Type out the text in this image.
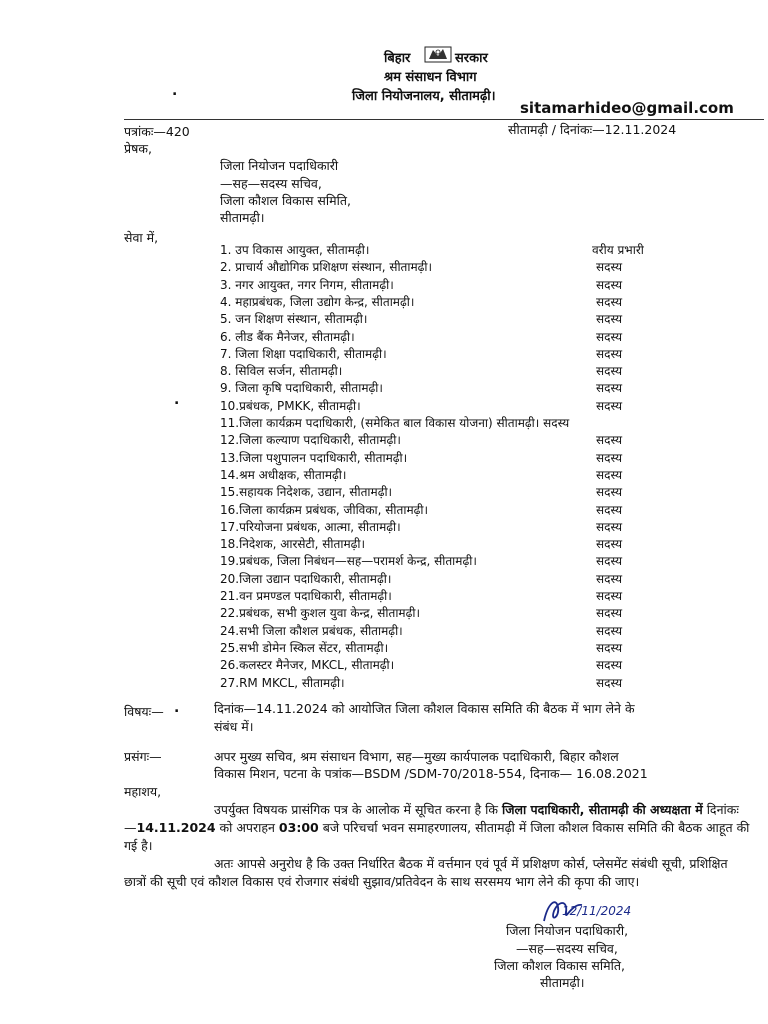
बिहार	सरकार
श्रम संसाधन विभाग
जिला नियोजनालय, सीतामढ़ी।
sitamarhideo@gmail.com
.
पत्रांकः—420	सीतामढ़ी / दिनांकः—12.11.2024
प्रेषक,
जिला नियोजन पदाधिकारी
—सह—सदस्य सचिव,
जिला कौशल विकास समिति,
सीतामढ़ी।
सेवा में,
.
1. उप विकास आयुक्त, सीतामढ़ी।	वरीय प्रभारी
2. प्राचार्य औद्योगिक प्रशिक्षण संस्थान, सीतामढ़ी।	सदस्य
3. नगर आयुक्त, नगर निगम, सीतामढ़ी।	सदस्य
4. महाप्रबंधक, जिला उद्योग केन्द्र, सीतामढ़ी।	सदस्य
5. जन शिक्षण संस्थान, सीतामढ़ी।	सदस्य
6. लीड बैंक मैनेजर, सीतामढ़ी।	सदस्य
7. जिला शिक्षा पदाधिकारी, सीतामढ़ी।	सदस्य
8. सिविल सर्जन, सीतामढ़ी।	सदस्य
9. जिला कृषि पदाधिकारी, सीतामढ़ी।	सदस्य
10.प्रबंधक, PMKK, सीतामढ़ी।	सदस्य
11.जिला कार्यक्रम पदाधिकारी, (समेकित बाल विकास योजना) सीतामढ़ी। सदस्य
12.जिला कल्याण पदाधिकारी, सीतामढ़ी।	सदस्य
13.जिला पशुपालन पदाधिकारी, सीतामढ़ी।	सदस्य
14.श्रम अधीक्षक, सीतामढ़ी।	सदस्य
15.सहायक निदेशक, उद्यान, सीतामढ़ी।	सदस्य
16.जिला कार्यक्रम प्रबंधक, जीविका, सीतामढ़ी।	सदस्य
17.परियोजना प्रबंधक, आत्मा, सीतामढ़ी।	सदस्य
18.निदेशक, आरसेटी, सीतामढ़ी।	सदस्य
19.प्रबंधक, जिला निबंधन—सह—परामर्श केन्द्र, सीतामढ़ी।	सदस्य
20.जिला उद्यान पदाधिकारी, सीतामढ़ी।	सदस्य
21.वन प्रमण्डल पदाधिकारी, सीतामढ़ी।	सदस्य
22.प्रबंधक, सभी कुशल युवा केन्द्र, सीतामढ़ी।	सदस्य
24.सभी जिला कौशल प्रबंधक, सीतामढ़ी।	सदस्य
25.सभी डोमेन स्किल सेंटर, सीतामढ़ी।	सदस्य
26.कलस्टर मैनेजर, MKCL, सीतामढ़ी।	सदस्य
27.RM MKCL, सीतामढ़ी।	सदस्य
विषयः— .	दिनांक—14.11.2024 को आयोजित जिला कौशल विकास समिति की बैठक में भाग लेने के
संबंध में।
प्रसंगः—	अपर मुख्य सचिव, श्रम संसाधन विभाग, सह—मुख्य कार्यपालक पदाधिकारी, बिहार कौशल
विकास मिशन, पटना के पत्रांक—BSDM /SDM-70/2018-554, दिनाक— 16.08.2021
महाशय,
उपर्युक्त विषयक प्रासंगिक पत्र के आलोक में सूचित करना है कि जिला पदाधिकारी, सीतामढ़ी की अध्यक्षता में दिनांकः—14.11.2024 को अपराहन 03:00 बजे परिचर्चा भवन समाहरणालय, सीतामढ़ी में जिला कौशल विकास समिति की बैठक आहूत की गई है।
अतः आपसे अनुरोध है कि उक्त निर्धारित बैठक में वर्त्तमान एवं पूर्व में प्रशिक्षण कोर्स, प्लेसमेंट संबंधी सूची, प्रशिक्षित छात्रों की सूची एवं कौशल विकास एवं रोजगार संबंधी सुझाव/प्रतिवेदन के साथ सरसमय भाग लेने की कृपा की जाए।
12/11/2024
जिला नियोजन पदाधिकारी,
—सह—सदस्य सचिव,
जिला कौशल विकास समिति,
सीतामढ़ी।
